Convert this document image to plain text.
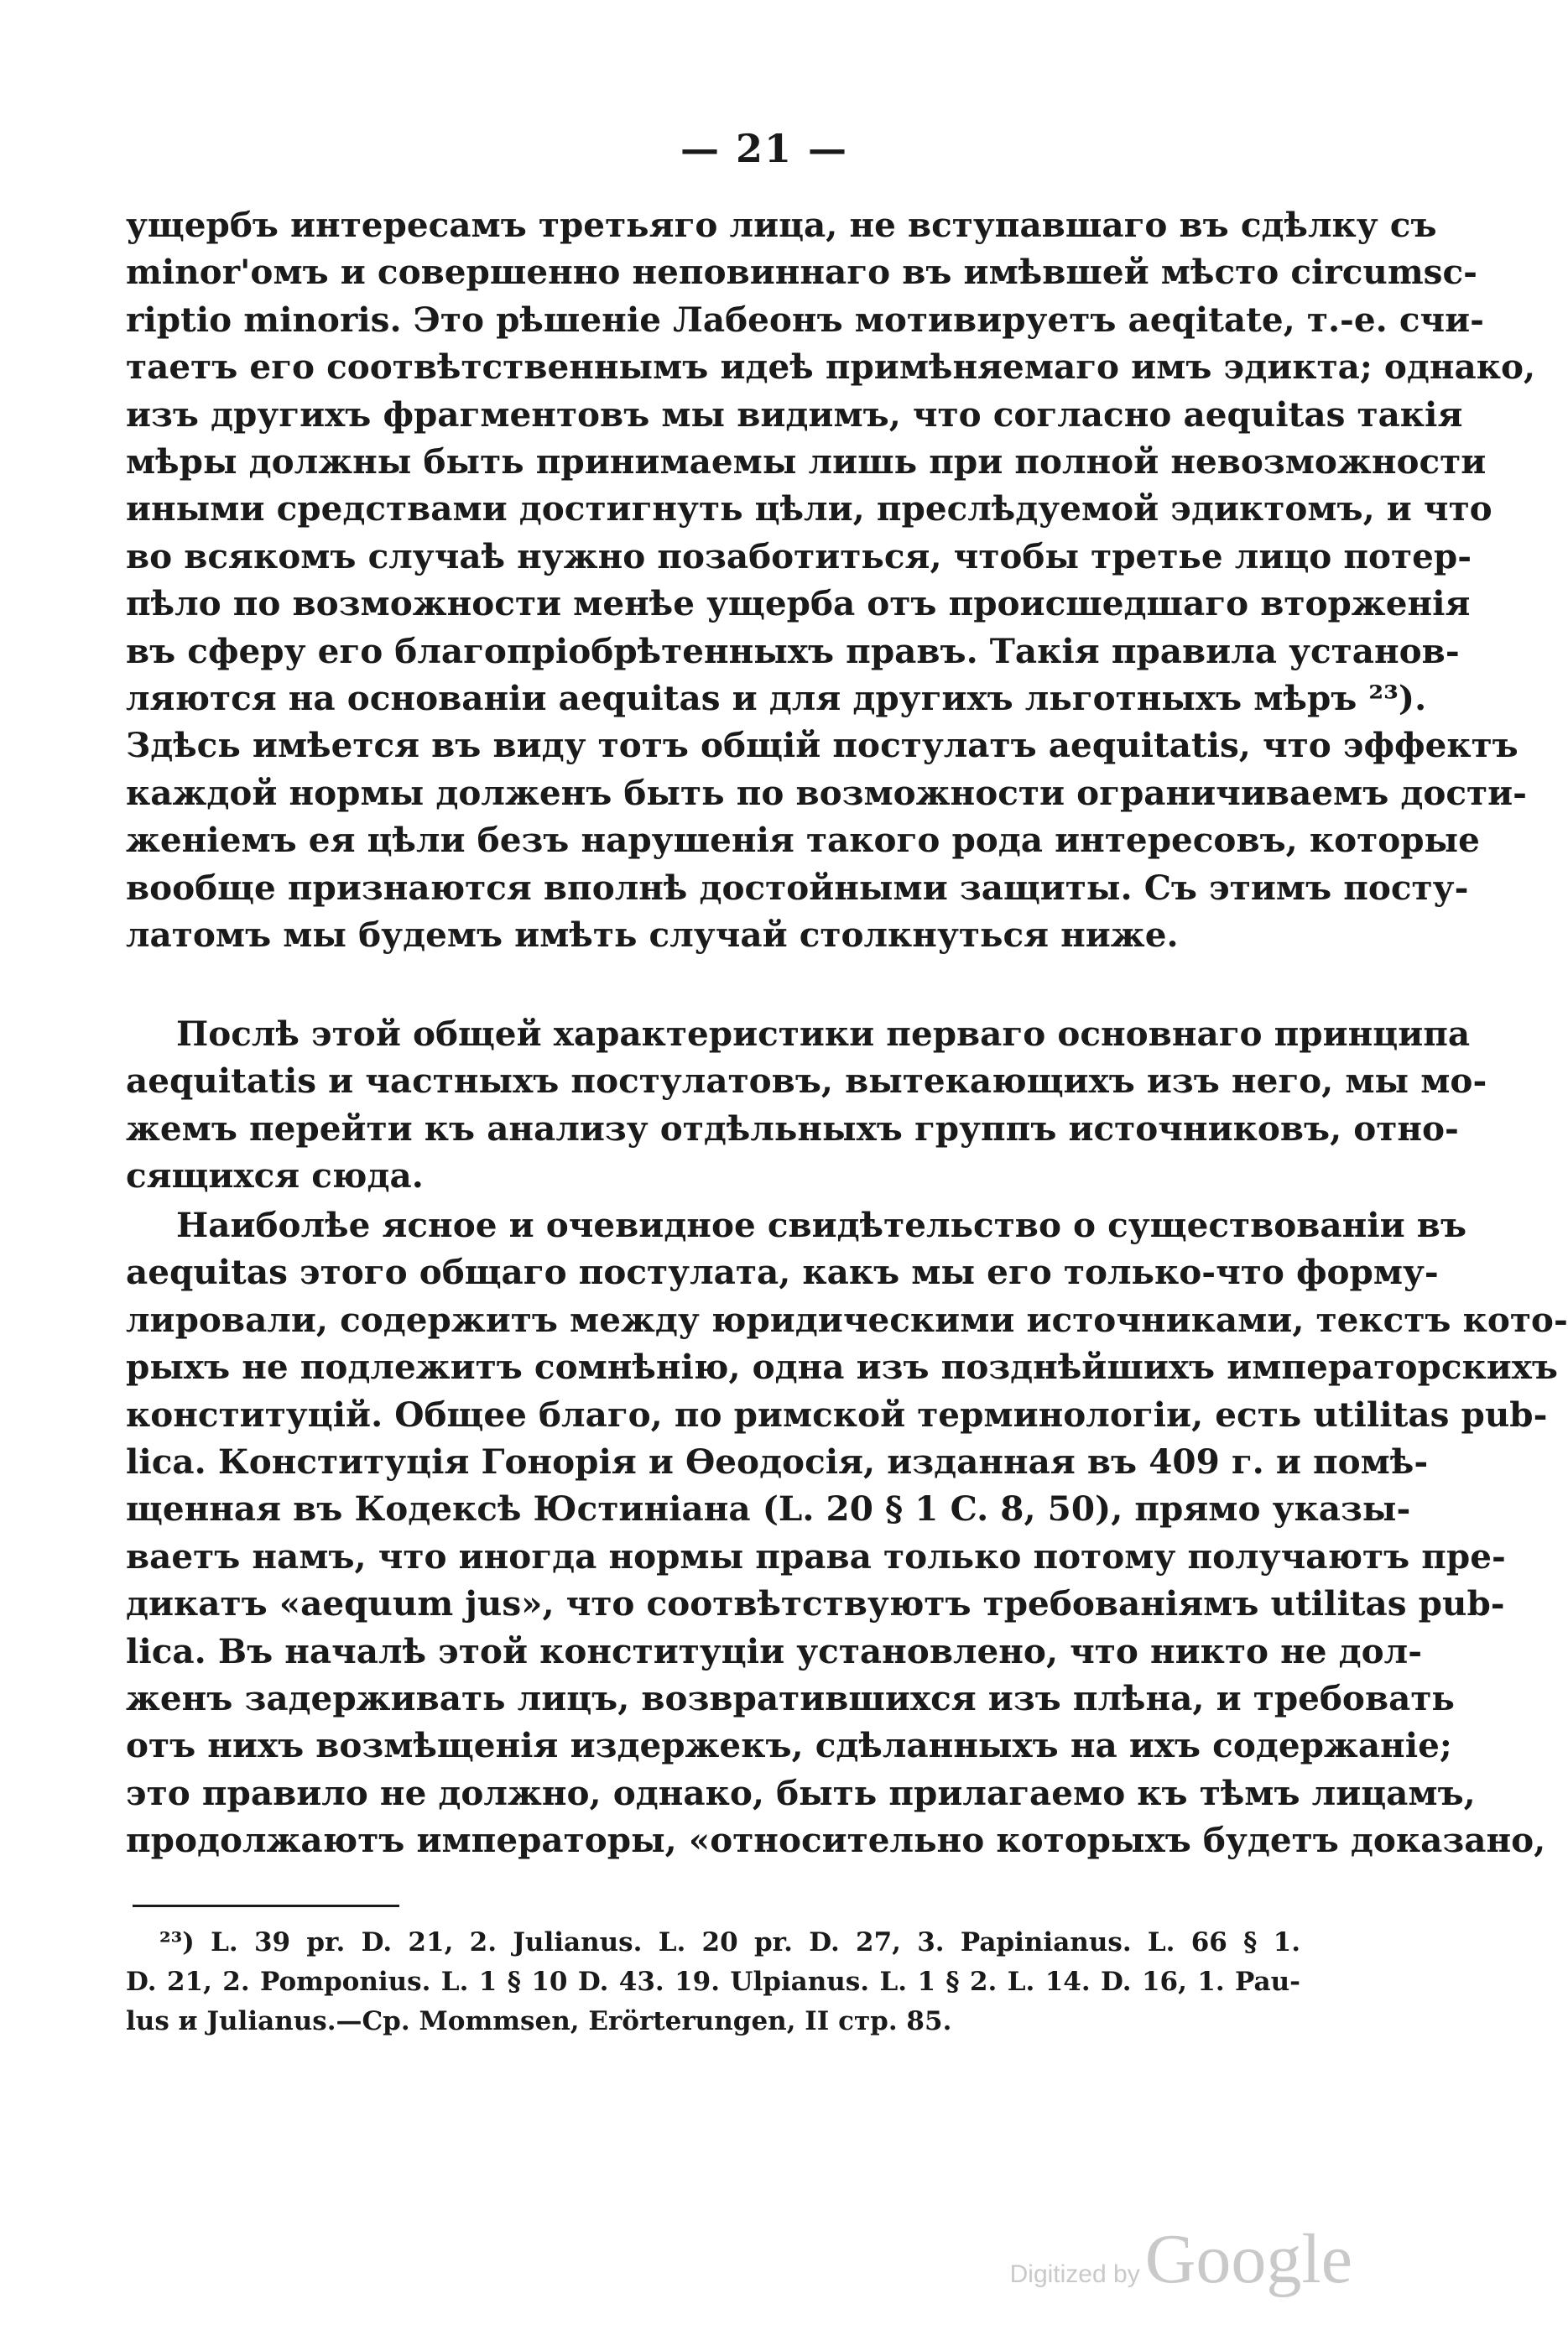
— 21 —
ущербъ интересамъ третьяго лица, не вступавшаго въ сдѣлку съ
minor'омъ и совершенно неповиннаго въ имѣвшей мѣсто circumsc-
riptio minoris. Это рѣшеніе Лабеонъ мотивируетъ aeqitate, т.-е. счи-
таетъ его соотвѣтственнымъ идеѣ примѣняемаго имъ эдикта; однако,
изъ другихъ фрагментовъ мы видимъ, что согласно aequitas такія
мѣры должны быть принимаемы лишь при полной невозможности
иными средствами достигнуть цѣли, преслѣдуемой эдиктомъ, и что
во всякомъ случаѣ нужно позаботиться, чтобы третье лицо потер-
пѣло по возможности менѣе ущерба отъ происшедшаго вторженія
въ сферу его благопріобрѣтенныхъ правъ. Такія правила установ-
ляются на основаніи aequitas и для другихъ льготныхъ мѣръ ²³).
Здѣсь имѣется въ виду тотъ общій постулатъ aequitatis, что эффектъ
каждой нормы долженъ быть по возможности ограничиваемъ дости-
женіемъ ея цѣли безъ нарушенія такого рода интересовъ, которые
вообще признаются вполнѣ достойными защиты. Съ этимъ посту-
латомъ мы будемъ имѣть случай столкнуться ниже.
Послѣ этой общей характеристики перваго основнаго принципа
aequitatis и частныхъ постулатовъ, вытекающихъ изъ него, мы мо-
жемъ перейти къ анализу отдѣльныхъ группъ источниковъ, отно-
сящихся сюда.
Наиболѣе ясное и очевидное свидѣтельство о существованіи въ
aequitas этого общаго постулата, какъ мы его только-что форму-
лировали, содержитъ между юридическими источниками, текстъ кото-
рыхъ не подлежитъ сомнѣнію, одна изъ позднѣйшихъ императорскихъ
конституцій. Общее благо, по римской терминологіи, есть utilitas pub-
lica. Конституція Гонорія и Ѳеодосія, изданная въ 409 г. и помѣ-
щенная въ Кодексѣ Юстиніана (L. 20 § 1 C. 8, 50), прямо указы-
ваетъ намъ, что иногда нормы права только потому получаютъ пре-
дикатъ «aequum jus», что соотвѣтствуютъ требованіямъ utilitas pub-
lica. Въ началѣ этой конституціи установлено, что никто не дол-
женъ задерживать лицъ, возвратившихся изъ плѣна, и требовать
отъ нихъ возмѣщенія издержекъ, сдѣланныхъ на ихъ содержаніе;
это правило не должно, однако, быть прилагаемо къ тѣмъ лицамъ,
продолжаютъ императоры, «относительно которыхъ будетъ доказано,
²³) L. 39 pr. D. 21, 2. Julianus. L. 20 pr. D. 27, 3. Papinianus. L. 66 § 1.
D. 21, 2. Pomponius. L. 1 § 10 D. 43. 19. Ulpianus. L. 1 § 2. L. 14. D. 16, 1. Pau-
lus и Julianus.—Ср. Mommsen, Erörterungen, II стр. 85.
Digitized by Google
